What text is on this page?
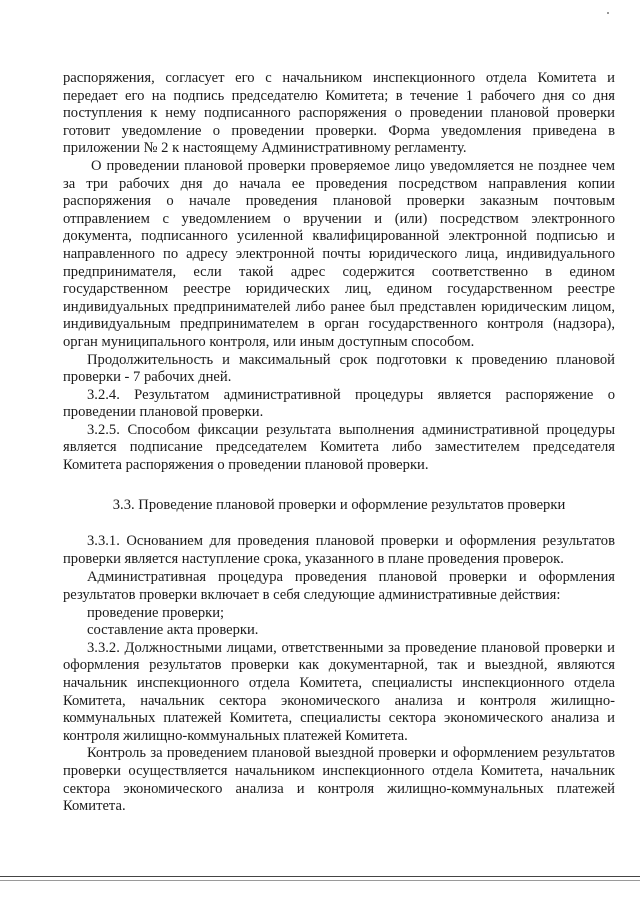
распоряжения, согласует его с начальником инспекционного отдела Комитета и передает его на подпись председателю Комитета; в течение 1 рабочего дня со дня поступления к нему подписанного распоряжения о проведении плановой проверки готовит уведомление о проведении проверки. Форма уведомления приведена в приложении № 2 к настоящему Административному регламенту.

О проведении плановой проверки проверяемое лицо уведомляется не позднее чем за три рабочих дня до начала ее проведения посредством направления копии распоряжения о начале проведения плановой проверки заказным почтовым отправлением с уведомлением о вручении и (или) посредством электронного документа, подписанного усиленной квалифицированной электронной подписью и направленного по адресу электронной почты юридического лица, индивидуального предпринимателя, если такой адрес содержится соответственно в едином государственном реестре юридических лиц, едином государственном реестре индивидуальных предпринимателей либо ранее был представлен юридическим лицом, индивидуальным предпринимателем в орган государственного контроля (надзора), орган муниципального контроля, или иным доступным способом.

Продолжительность и максимальный срок подготовки к проведению плановой проверки - 7 рабочих дней.

3.2.4. Результатом административной процедуры является распоряжение о проведении плановой проверки.

3.2.5. Способом фиксации результата выполнения административной процедуры является подписание председателем Комитета либо заместителем председателя Комитета распоряжения о проведении плановой проверки.

3.3. Проведение плановой проверки и оформление результатов проверки

3.3.1. Основанием для проведения плановой проверки и оформления результатов проверки является наступление срока, указанного в плане проведения проверок.

Административная процедура проведения плановой проверки и оформления результатов проверки включает в себя следующие административные действия:

проведение проверки;

составление акта проверки.

3.3.2. Должностными лицами, ответственными за проведение плановой проверки и оформления результатов проверки как документарной, так и выездной, являются начальник инспекционного отдела Комитета, специалисты инспекционного отдела Комитета, начальник сектора экономического анализа и контроля жилищно-коммунальных платежей Комитета, специалисты сектора экономического анализа и контроля жилищно-коммунальных платежей Комитета.

Контроль за проведением плановой выездной проверки и оформлением результатов проверки осуществляется начальником инспекционного отдела Комитета, начальник сектора экономического анализа и контроля жилищно-коммунальных платежей Комитета.
